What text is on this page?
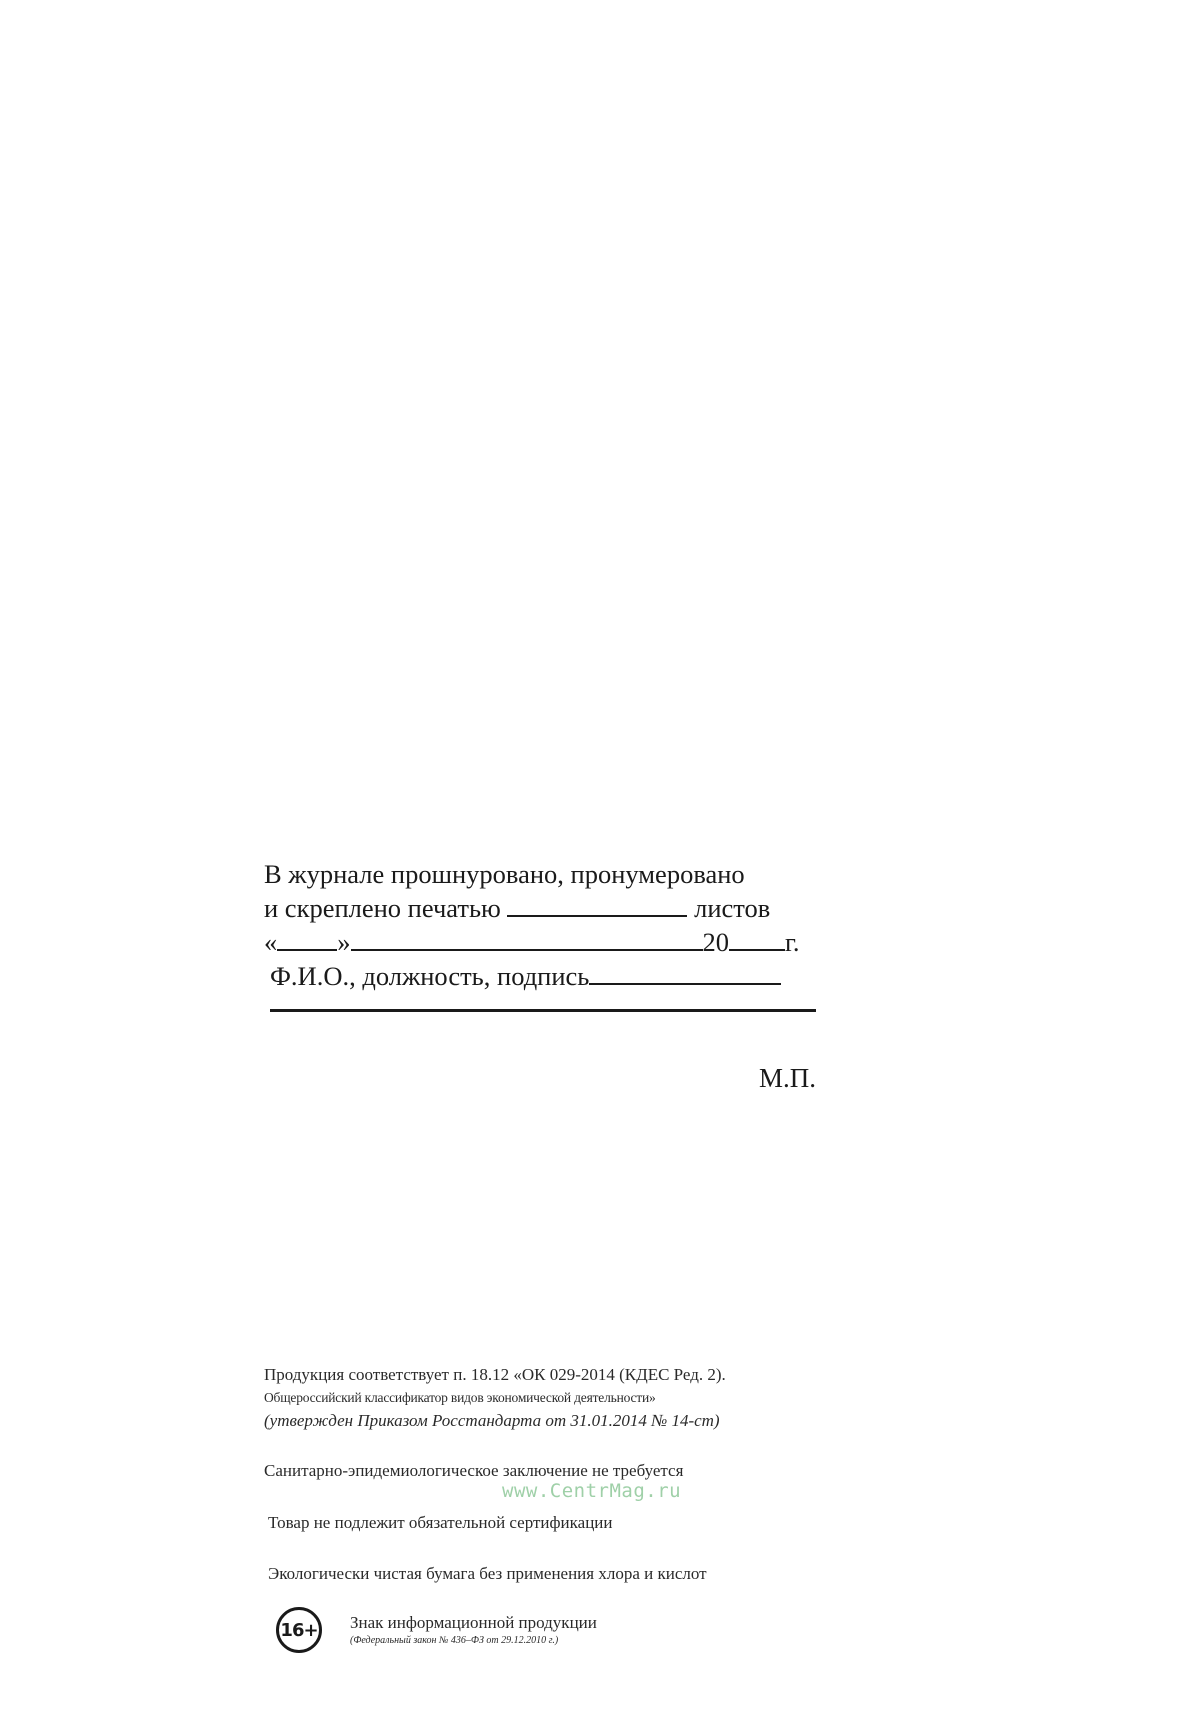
В журнале прошнуровано, пронумеровано
и скреплено печатью	листов
« »	20 г.
Ф.И.О., должность, подпись
М.П.

Продукция соответствует п. 18.12 «ОК 029-2014 (КДЕС Ред. 2).

Общероссийский классификатор видов экономической деятельности»

(утвержден Приказом Росстандарта от 31.01.2014 № 14-ст)

Санитарно-эпидемиологическое заключение не требуется

Товар не подлежит обязательной сертификации

Экологически чистая бумага без применения хлора и кислот

www.CentrMag.ru
16+ Знак информационной продукции
(Федеральный закон № 436–ФЗ от 29.12.2010 г.)
